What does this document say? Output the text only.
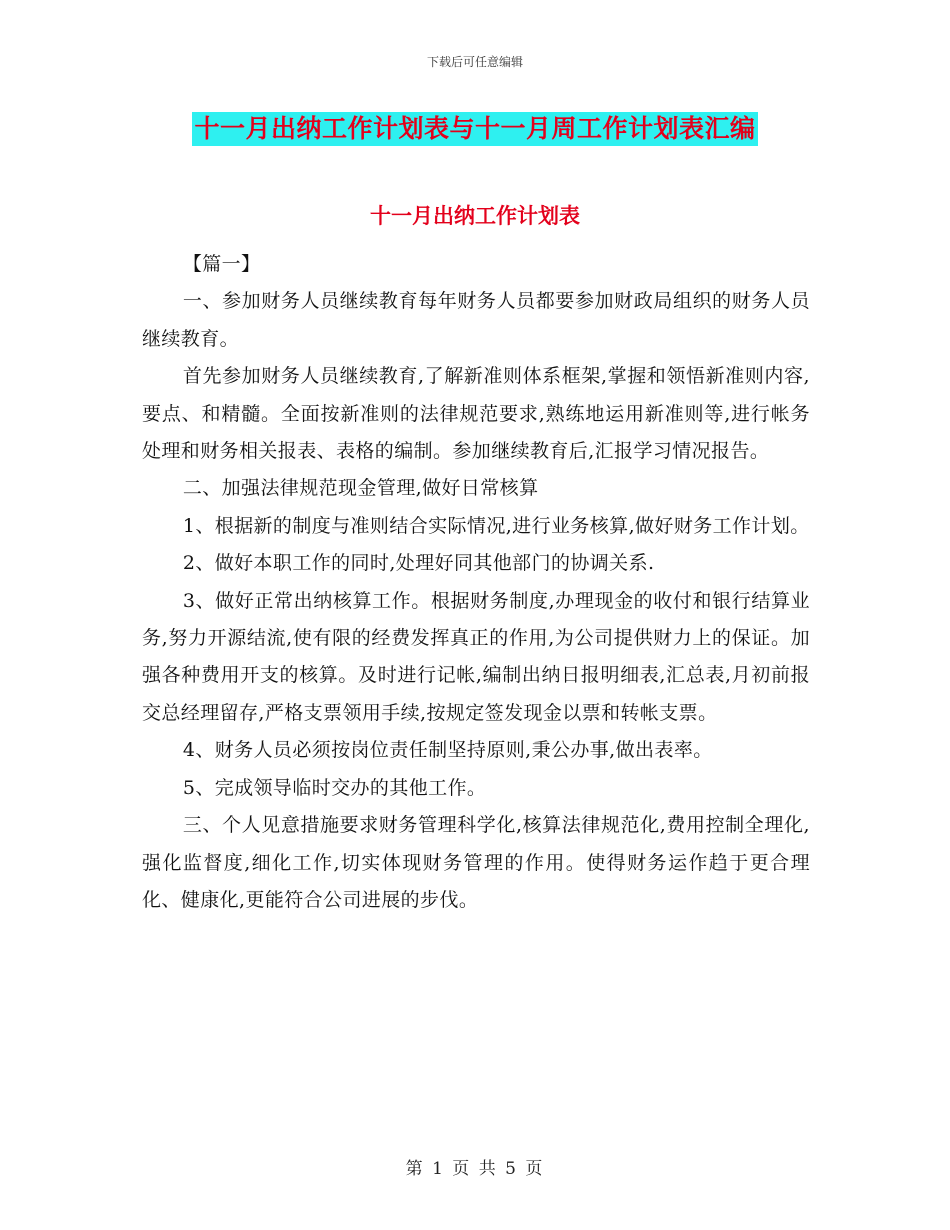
下载后可任意编辑
十一月出纳工作计划表与十一月周工作计划表汇编
十一月出纳工作计划表

【篇一】

一、参加财务人员继续教育每年财务人员都要参加财政局组织的财务人员继续教育。

首先参加财务人员继续教育,了解新准则体系框架,掌握和领悟新准则内容,要点、和精髓。全面按新准则的法律规范要求,熟练地运用新准则等,进行帐务处理和财务相关报表、表格的编制。参加继续教育后,汇报学习情况报告。

二、加强法律规范现金管理,做好日常核算

1、根据新的制度与准则结合实际情况,进行业务核算,做好财务工作计划。

2、做好本职工作的同时,处理好同其他部门的协调关系.

3、做好正常出纳核算工作。根据财务制度,办理现金的收付和银行结算业务,努力开源结流,使有限的经费发挥真正的作用,为公司提供财力上的保证。加强各种费用开支的核算。及时进行记帐,编制出纳日报明细表,汇总表,月初前报交总经理留存,严格支票领用手续,按规定签发现金以票和转帐支票。

4、财务人员必须按岗位责任制坚持原则,秉公办事,做出表率。

5、完成领导临时交办的其他工作。

三、个人见意措施要求财务管理科学化,核算法律规范化,费用控制全理化,强化监督度,细化工作,切实体现财务管理的作用。使得财务运作趋于更合理化、健康化,更能符合公司进展的步伐。

第 1 页 共 5 页
